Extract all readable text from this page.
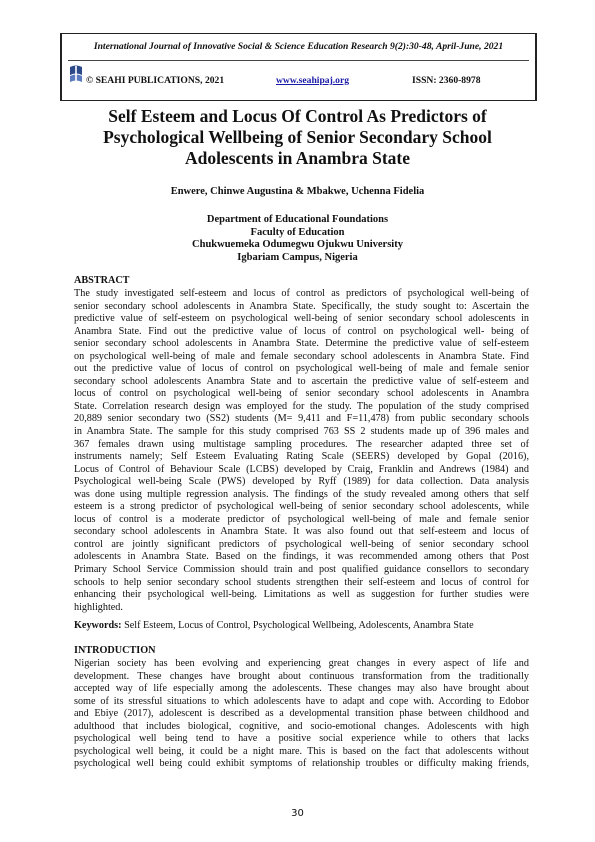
International Journal of Innovative Social & Science Education Research 9(2):30-48, April-June, 2021
© SEAHI PUBLICATIONS, 2021	www.seahipaj.org	ISSN: 2360-8978
Self Esteem and Locus Of Control As Predictors of
Psychological Wellbeing of Senior Secondary School
Adolescents in Anambra State
Enwere, Chinwe Augustina & Mbakwe, Uchenna Fidelia
Department of Educational Foundations
Faculty of Education
Chukwuemeka Odumegwu Ojukwu University
Igbariam Campus, Nigeria
ABSTRACT
The study investigated self-esteem and locus of control as predictors of psychological well-being of
senior secondary school adolescents in Anambra State. Specifically, the study sought to: Ascertain the
predictive value of self-esteem on psychological well-being of senior secondary school adolescents in
Anambra State. Find out the predictive value of locus of control on psychological well- being of
senior secondary school adolescents in Anambra State. Determine the predictive value of self-esteem
on psychological well-being of male and female secondary school adolescents in Anambra State. Find
out the predictive value of locus of control on psychological well-being of male and female senior
secondary school adolescents Anambra State and to ascertain the predictive value of self-esteem and
locus of control on psychological well-being of senior secondary school adolescents in Anambra
State. Correlation research design was employed for the study. The population of the study comprised
20,889 senior secondary two (SS2) students (M= 9,411 and F=11,478) from public secondary schools
in Anambra State. The sample for this study comprised 763 SS 2 students made up of 396 males and
367 females drawn using multistage sampling procedures. The researcher adapted three set of
instruments namely; Self Esteem Evaluating Rating Scale (SEERS) developed by Gopal (2016),
Locus of Control of Behaviour Scale (LCBS) developed by Craig, Franklin and Andrews (1984) and
Psychological well-being Scale (PWS) developed by Ryff (1989) for data collection. Data analysis
was done using multiple regression analysis. The findings of the study revealed among others that self
esteem is a strong predictor of psychological well-being of senior secondary school adolescents, while
locus of control is a moderate predictor of psychological well-being of male and female senior
secondary school adolescents in Anambra State. It was also found out that self-esteem and locus of
control are jointly significant predictors of psychological well-being of senior secondary school
adolescents in Anambra State. Based on the findings, it was recommended among others that Post
Primary School Service Commission should train and post qualified guidance consellors to secondary
schools to help senior secondary school students strengthen their self-esteem and locus of control for
enhancing their psychological well-being. Limitations as well as suggestion for further studies were
highlighted.
Keywords: Self Esteem, Locus of Control, Psychological Wellbeing, Adolescents, Anambra State
INTRODUCTION
Nigerian society has been evolving and experiencing great changes in every aspect of life and
development. These changes have brought about continuous transformation from the traditionally
accepted way of life especially among the adolescents. These changes may also have brought about
some of its stressful situations to which adolescents have to adapt and cope with. According to Edobor
and Ebiye (2017), adolescent is described as a developmental transition phase between childhood and
adulthood that includes biological, cognitive, and socio-emotional changes. Adolescents with high
psychological well being tend to have a positive social experience while to others that lacks
psychological well being, it could be a night mare. This is based on the fact that adolescents without
psychological well being could exhibit symptoms of relationship troubles or difficulty making friends,
30
